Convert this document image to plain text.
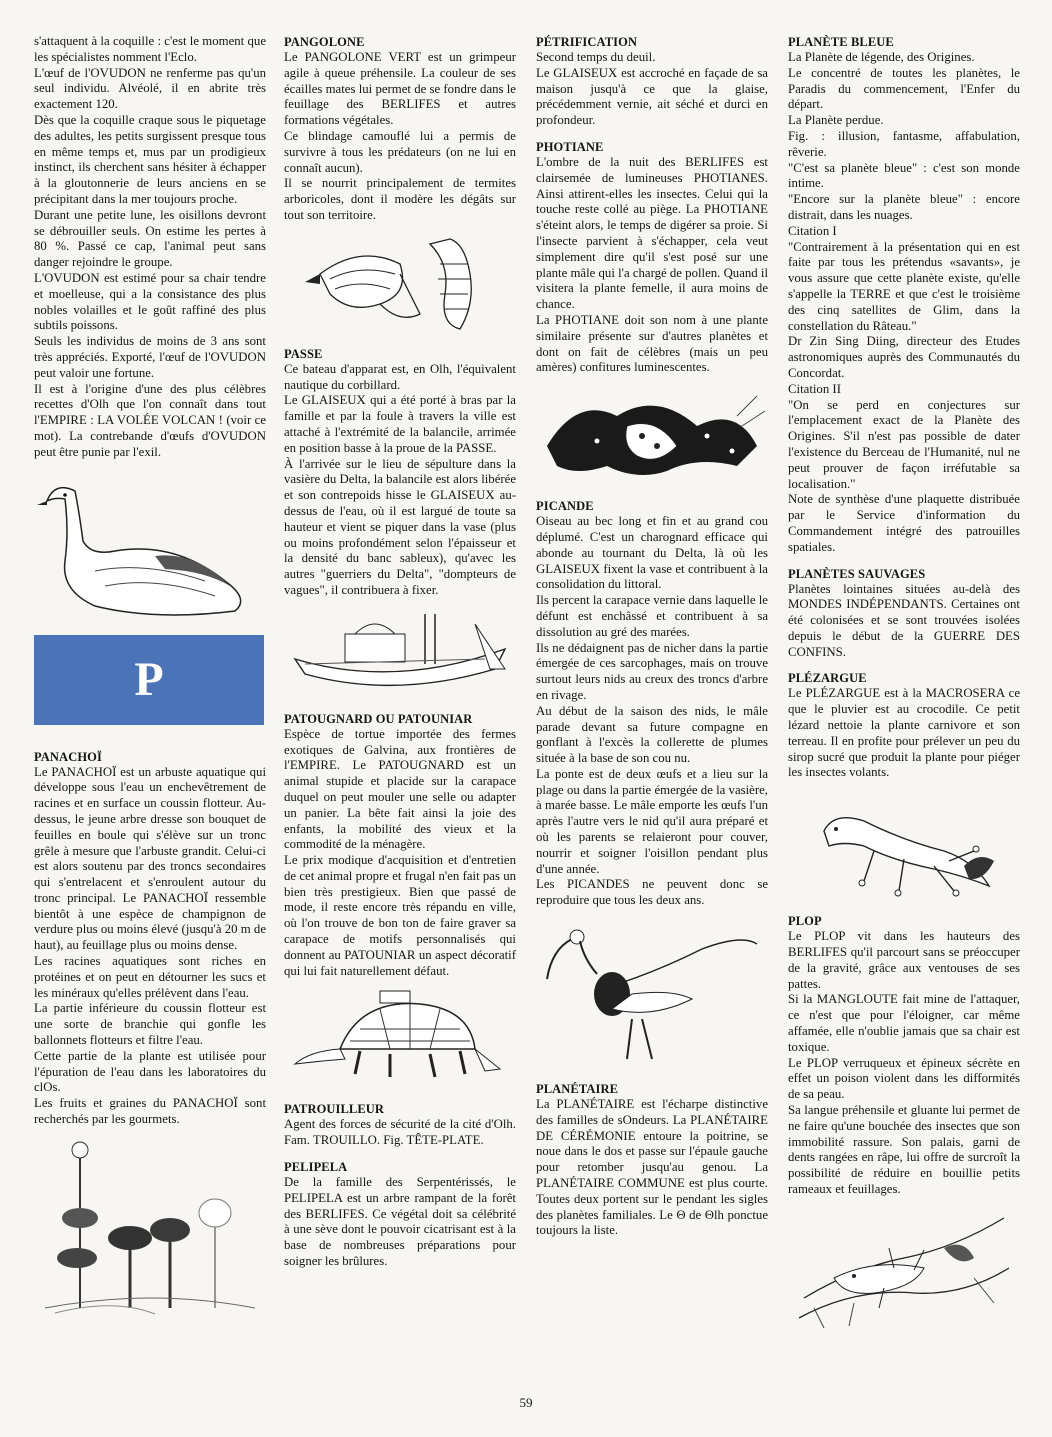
s'attaquent à la coquille : c'est le moment que les spécialistes nomment l'Eclo.

L'œuf de l'OVUDON ne renferme pas qu'un seul individu. Alvéolé, il en abrite très exactement 120.

Dès que la coquille craque sous le piquetage des adultes, les petits surgissent presque tous en même temps et, mus par un prodigieux instinct, ils cherchent sans hésiter à échapper à la gloutonnerie de leurs anciens en se précipitant dans la mer toujours proche.

Durant une petite lune, les oisillons devront se débrouiller seuls. On estime les pertes à 80 %. Passé ce cap, l'animal peut sans danger rejoindre le groupe.

L'OVUDON est estimé pour sa chair tendre et moelleuse, qui a la consistance des plus nobles volailles et le goût raffiné des plus subtils poissons.

Seuls les individus de moins de 3 ans sont très appréciés. Exporté, l'œuf de l'OVUDON peut valoir une fortune.

Il est à l'origine d'une des plus célèbres recettes d'Olh que l'on connaît dans tout l'EMPIRE : LA VOLÉE VOLCAN ! (voir ce mot). La contrebande d'œufs d'OVUDON peut être punie par l'exil.

P
PANACHOÏ

Le PANACHOÏ est un arbuste aquatique qui développe sous l'eau un enchevêtrement de racines et en surface un coussin flotteur. Au-dessus, le jeune arbre dresse son bouquet de feuilles en boule qui s'élève sur un tronc grêle à mesure que l'arbuste grandit. Celui-ci est alors soutenu par des troncs secondaires qui s'entrelacent et s'enroulent autour du tronc principal. Le PANACHOÏ ressemble bientôt à une espèce de champignon de verdure plus ou moins élevé (jusqu'à 20 m de haut), au feuillage plus ou moins dense.

Les racines aquatiques sont riches en protéines et on peut en détourner les sucs et les minéraux qu'elles prélèvent dans l'eau.

La partie inférieure du coussin flotteur est une sorte de branchie qui gonfle les ballonnets flotteurs et filtre l'eau.

Cette partie de la plante est utilisée pour l'épuration de l'eau dans les laboratoires du clOs.

Les fruits et graines du PANACHOÏ sont recherchés par les gourmets.

PANGOLONE

Le PANGOLONE VERT est un grimpeur agile à queue préhensile. La couleur de ses écailles mates lui permet de se fondre dans le feuillage des BERLIFES et autres formations végétales.

Ce blindage camouflé lui a permis de survivre à tous les prédateurs (on ne lui en connaît aucun).

Il se nourrit principalement de termites arboricoles, dont il modère les dégâts sur tout son territoire.

PASSE

Ce bateau d'apparat est, en Olh, l'équivalent nautique du corbillard.

Le GLAISEUX qui a été porté à bras par la famille et par la foule à travers la ville est attaché à l'extrémité de la balancile, arrimée en position basse à la proue de la PASSE.

À l'arrivée sur le lieu de sépulture dans la vasière du Delta, la balancile est alors libérée et son contrepoids hisse le GLAISEUX au-dessus de l'eau, où il est largué de toute sa hauteur et vient se piquer dans la vase (plus ou moins profondément selon l'épaisseur et la densité du banc sableux), qu'avec les autres "guerriers du Delta", "dompteurs de vagues", il contribuera à fixer.

PATOUGNARD OU PATOUNIAR

Espèce de tortue importée des fermes exotiques de Galvina, aux frontières de l'EMPIRE. Le PATOUGNARD est un animal stupide et placide sur la carapace duquel on peut mouler une selle ou adapter un panier. La bête fait ainsi la joie des enfants, la mobilité des vieux et la commodité de la ménagère.

Le prix modique d'acquisition et d'entretien de cet animal propre et frugal n'en fait pas un bien très prestigieux. Bien que passé de mode, il reste encore très répandu en ville, où l'on trouve de bon ton de faire graver sa carapace de motifs personnalisés qui donnent au PATOUNIAR un aspect décoratif qui lui fait naturellement défaut.

PATROUILLEUR

Agent des forces de sécurité de la cité d'Olh. Fam. TROUILLO. Fig. TÊTE-PLATE.

PELIPELA

De la famille des Serpentérissés, le PELIPELA est un arbre rampant de la forêt des BERLIFES. Ce végétal doit sa célébrité à une sève dont le pouvoir cicatrisant est à la base de nombreuses préparations pour soigner les brûlures.

PÉTRIFICATION

Second temps du deuil.

Le GLAISEUX est accroché en façade de sa maison jusqu'à ce que la glaise, précédemment vernie, ait séché et durci en profondeur.

PHOTIANE

L'ombre de la nuit des BERLIFES est clairsemée de lumineuses PHOTIANES. Ainsi attirent-elles les insectes. Celui qui la touche reste collé au piège. La PHOTIANE s'éteint alors, le temps de digérer sa proie. Si l'insecte parvient à s'échapper, cela veut simplement dire qu'il s'est posé sur une plante mâle qui l'a chargé de pollen. Quand il visitera la plante femelle, il aura moins de chance.

La PHOTIANE doit son nom à une plante similaire présente sur d'autres planètes et dont on fait de célèbres (mais un peu amères) confitures luminescentes.

PICANDE

Oiseau au bec long et fin et au grand cou déplumé. C'est un charognard efficace qui abonde au tournant du Delta, là où les GLAISEUX fixent la vase et contribuent à la consolidation du littoral.

Ils percent la carapace vernie dans laquelle le défunt est enchâssé et contribuent à sa dissolution au gré des marées.

Ils ne dédaignent pas de nicher dans la partie émergée de ces sarcophages, mais on trouve surtout leurs nids au creux des troncs d'arbre en rivage.

Au début de la saison des nids, le mâle parade devant sa future compagne en gonflant à l'excès la collerette de plumes située à la base de son cou nu.

La ponte est de deux œufs et a lieu sur la plage ou dans la partie émergée de la vasière, à marée basse. Le mâle emporte les œufs l'un après l'autre vers le nid qu'il aura préparé et où les parents se relaieront pour couver, nourrir et soigner l'oisillon pendant plus d'une année.

Les PICANDES ne peuvent donc se reproduire que tous les deux ans.

PLANÉTAIRE

La PLANÉTAIRE est l'écharpe distinctive des familles de sOndeurs. La PLANÉTAIRE DE CÉRÉMONIE entoure la poitrine, se noue dans le dos et passe sur l'épaule gauche pour retomber jusqu'au genou. La PLANÉTAIRE COMMUNE est plus courte. Toutes deux portent sur le pendant les sigles des planètes familiales. Le Θ de Θlh ponctue toujours la liste.

PLANÈTE BLEUE

La Planète de légende, des Origines.

Le concentré de toutes les planètes, le Paradis du commencement, l'Enfer du départ.

La Planète perdue.

Fig. : illusion, fantasme, affabulation, rêverie.

"C'est sa planète bleue" : c'est son monde intime.

"Encore sur la planète bleue" : encore distrait, dans les nuages.

Citation I

"Contrairement à la présentation qui en est faite par tous les prétendus «savants», je vous assure que cette planète existe, qu'elle s'appelle la TERRE et que c'est le troisième des cinq satellites de Glim, dans la constellation du Râteau."

Dr Zin Sing Diing, directeur des Etudes astronomiques auprès des Communautés du Concordat.

Citation II

"On se perd en conjectures sur l'emplacement exact de la Planète des Origines. S'il n'est pas possible de dater l'existence du Berceau de l'Humanité, nul ne peut prouver de façon irréfutable sa localisation."

Note de synthèse d'une plaquette distribuée par le Service d'information du Commandement intégré des patrouilles spatiales.

PLANÈTES SAUVAGES

Planètes lointaines situées au-delà des MONDES INDÉPENDANTS. Certaines ont été colonisées et se sont trouvées isolées depuis le début de la GUERRE DES CONFINS.

PLÉZARGUE

Le PLÉZARGUE est à la MACROSERA ce que le pluvier est au crocodile. Ce petit lézard nettoie la plante carnivore et son terreau. Il en profite pour prélever un peu du sirop sucré que produit la plante pour piéger les insectes volants.

PLOP

Le PLOP vit dans les hauteurs des BERLIFES qu'il parcourt sans se préoccuper de la gravité, grâce aux ventouses de ses pattes.

Si la MANGLOUTE fait mine de l'attaquer, ce n'est que pour l'éloigner, car même affamée, elle n'oublie jamais que sa chair est toxique.

Le PLOP verruqueux et épineux sécrète en effet un poison violent dans les difformités de sa peau.

Sa langue préhensile et gluante lui permet de ne faire qu'une bouchée des insectes que son immobilité rassure. Son palais, garni de dents rangées en râpe, lui offre de surcroît la possibilité de réduire en bouillie petits rameaux et feuillages.

59
